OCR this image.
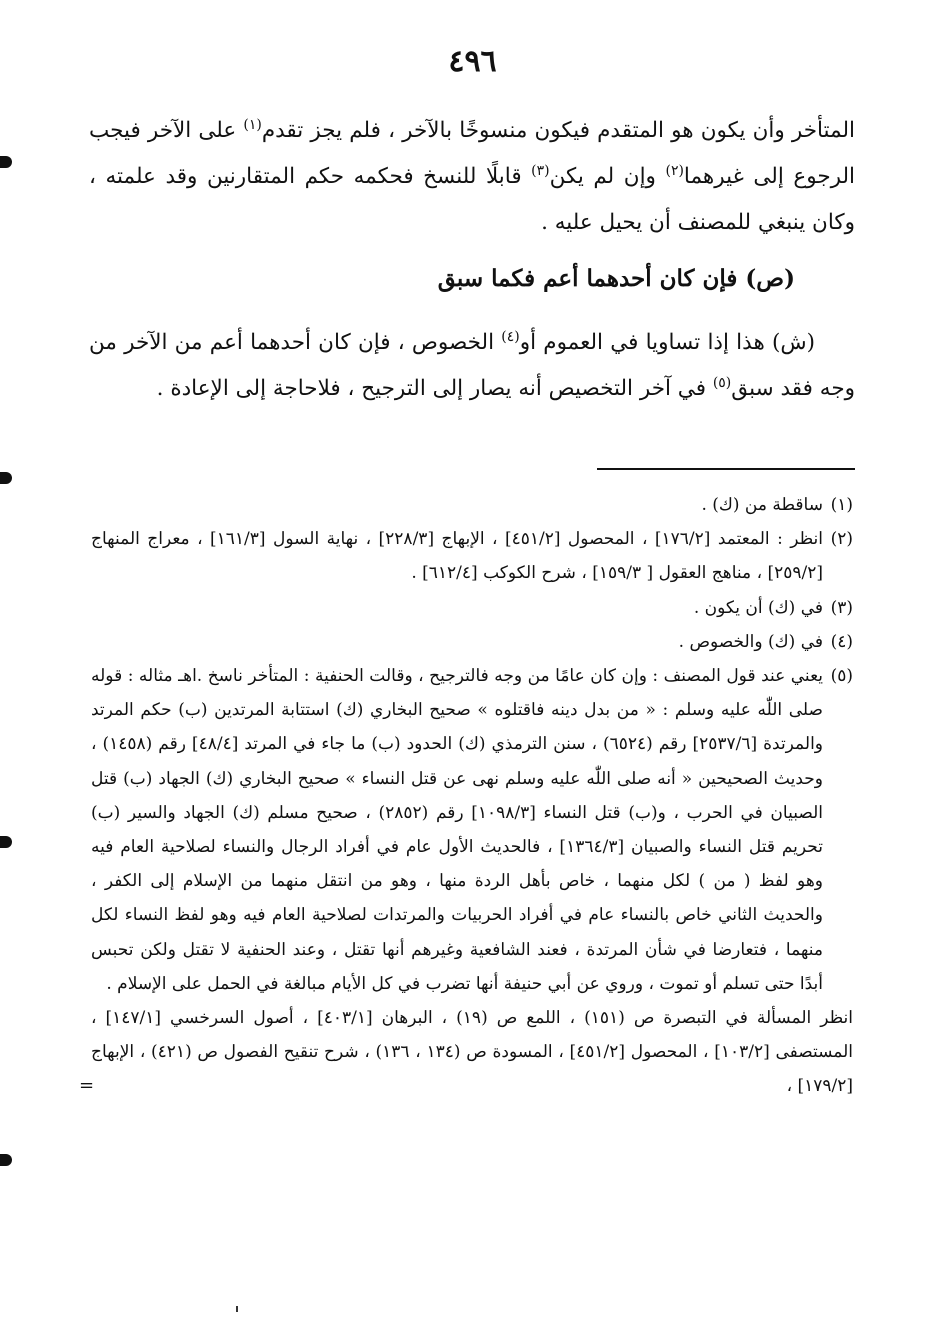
٤٩٦

المتأخر وأن يكون هو المتقدم فيكون منسوخًا بالآخر ، فلم يجز تقدم$^{(١)}$ على الآخر فيجب الرجوع إلى غيرهما$^{(٢)}$ وإن لم يكن$^{(٣)}$ قابلًا للنسخ فحكمه حكم المتقارنين وقد علمته ، وكان ينبغي للمصنف أن يحيل عليه .

(ص) فإن كان أحدهما أعم فكما سبق

(ش) هذا إذا تساويا في العموم أو$^{(٤)}$ الخصوص ، فإن كان أحدهما أعم من الآخر من وجه فقد سبق$^{(٥)}$ في آخر التخصيص أنه يصار إلى الترجيح ، فلاحاجة إلى الإعادة .

(١)
ساقطة من (ك) .

(٢)
انظر : المعتمد [١٧٦/٢] ، المحصول [٤٥١/٢] ، الإبهاج [٢٢٨/٣] ، نهاية السول [١٦١/٣] ، معراج المنهاج [٢٥٩/٢] ، مناهج العقول [ ١٥٩/٣] ، شرح الكوكب [٦١٢/٤] .

(٣)
في (ك) أن يكون .

(٤)
في (ك) والخصوص .

(٥)
يعني عند قول المصنف : وإن كان عامًا من وجه فالترجيح ، وقالت الحنفية : المتأخر ناسخ .اهـ مثاله : قوله صلى اللّٰه عليه وسلم : « من بدل دينه فاقتلوه » صحيح البخاري (ك) استتابة المرتدين (ب) حكم المرتد والمرتدة [٢٥٣٧/٦] رقم (٦٥٢٤) ، سنن الترمذي (ك) الحدود (ب) ما جاء في المرتد [٤٨/٤] رقم (١٤٥٨) ، وحديث الصحيحين « أنه صلى اللّٰه عليه وسلم نهى عن قتل النساء » صحيح البخاري (ك) الجهاد (ب) قتل الصبيان في الحرب ، و(ب) قتل النساء [١٠٩٨/٣] رقم (٢٨٥٢) ، صحيح مسلم (ك) الجهاد والسير (ب) تحريم قتل النساء والصبيان [١٣٦٤/٣] ، فالحديث الأول عام في أفراد الرجال والنساء لصلاحية العام فيه وهو لفظ ( من ) لكل منهما ، خاص بأهل الردة منها ، وهو من انتقل منهما من الإسلام إلى الكفر ، والحديث الثاني خاص بالنساء عام في أفراد الحربيات والمرتدات لصلاحية العام فيه وهو لفظ النساء لكل منهما ، فتعارضا في شأن المرتدة ، فعند الشافعية وغيرهم أنها تقتل ، وعند الحنفية لا تقتل ولكن تحبس أبدًا حتى تسلم أو تموت ، وروي عن أبي حنيفة أنها تضرب في كل الأيام مبالغة في الحمل على الإسلام .

انظر المسألة في التبصرة ص (١٥١) ، اللمع ص (١٩) ، البرهان [٤٠٣/١] ، أصول السرخسي [١٤٧/١] ، المستصفى [١٠٣/٢] ، المحصول [٤٥١/٢] ، المسودة ص (١٣٤ ، ١٣٦) ، شرح تنقيح الفصول ص (٤٢١) ، الإبهاج [١٧٩/٢] ،
=
